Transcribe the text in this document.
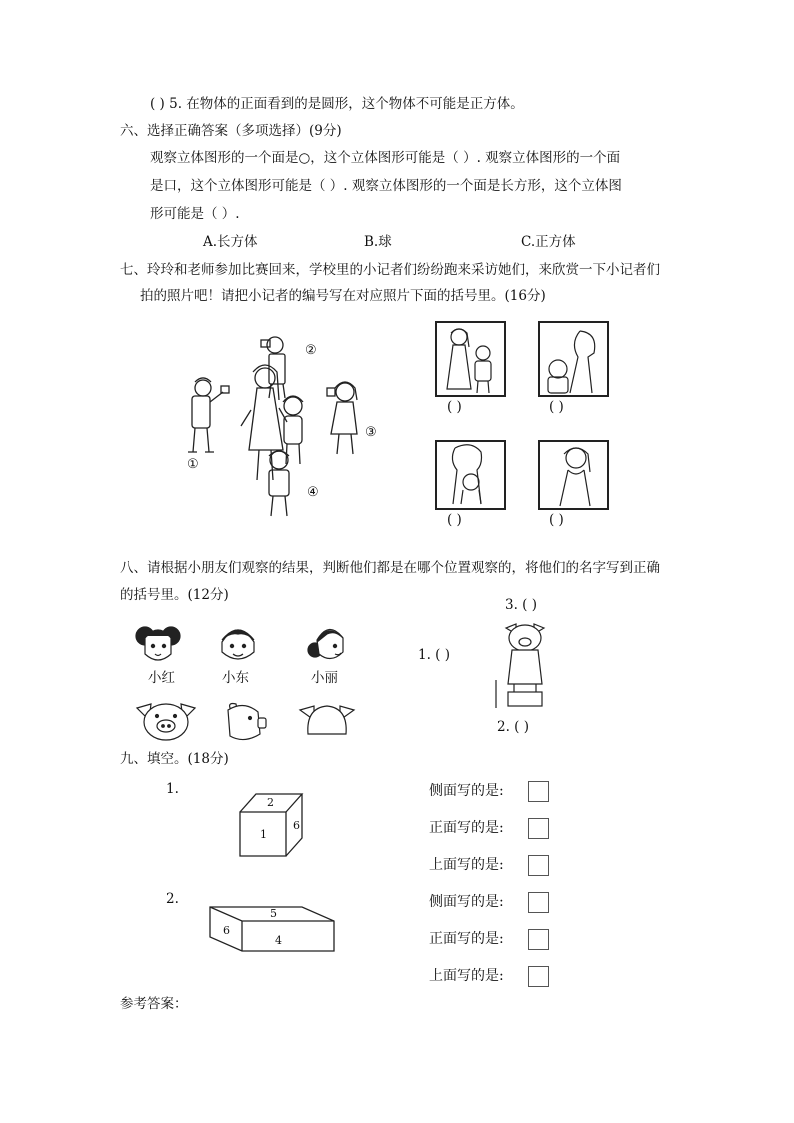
( ) 5. 在物体的正面看到的是圆形，这个物体不可能是正方体。
六、选择正确答案（多项选择）(9分)
观察立体图形的一个面是○，这个立体图形可能是（ ）. 观察立体图形的一个面
是口，这个立体图形可能是（ ）. 观察立体图形的一个面是长方形，这个立体图
形可能是（ ）.
A.长方体	B.球	C.正方体
七、玲玲和老师参加比赛回来，学校里的小记者们纷纷跑来采访她们，来欣赏一下小记者们
拍的照片吧！请把小记者的编号写在对应照片下面的括号里。(16分)
①
②
③
④
( )	( )
( )	( )
八、请根据小朋友们观察的结果，判断他们都是在哪个位置观察的，将他们的名字写到正确
的括号里。(12分)
小红	小东	小丽
3. ( )
1. ( )
2. ( )
九、填空。(18分)
1.
2.
2
1
6
5
4
6
侧面写的是:
正面写的是:
上面写的是:
侧面写的是:
正面写的是:
上面写的是:
参考答案：
